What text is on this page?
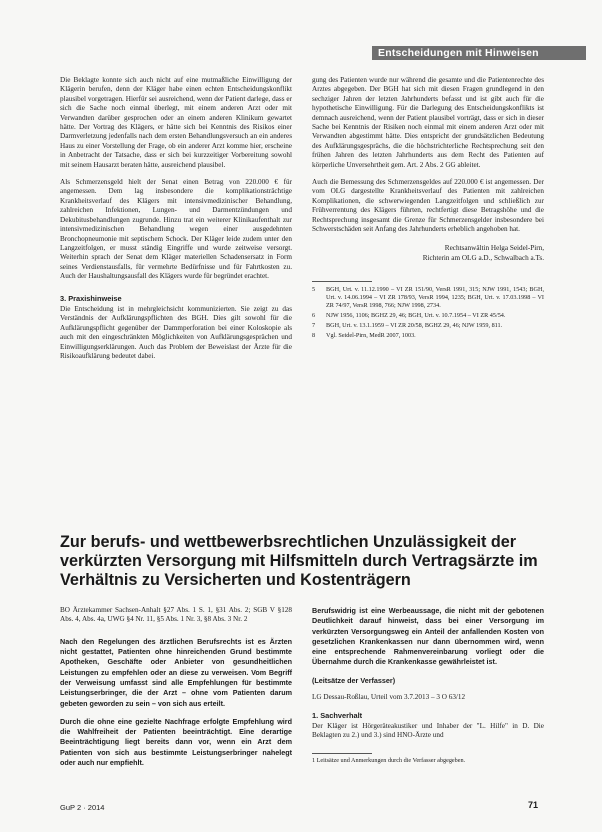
Entscheidungen mit Hinweisen

Die Beklagte konnte sich auch nicht auf eine mutmaßliche Einwilligung der Klägerin berufen, denn der Kläger habe einen echten Entscheidungskonflikt plausibel vorgetragen. Hierfür sei ausreichend, wenn der Patient darlege, dass er sich die Sache noch einmal überlegt, mit einem anderen Arzt oder mit Verwandten darüber gesprochen oder an einem anderen Klinikum gewartet hätte. Der Vortrag des Klägers, er hätte sich bei Kenntnis des Risikos einer Darmverletzung jedenfalls nach dem ersten Behandlungsversuch an ein anderes Haus zu einer Vorstellung der Frage, ob ein anderer Arzt komme hier, erscheine in Anbetracht der Tatsache, dass er sich bei kurzzeitiger Vorbereitung sowohl mit seinem Hausarzt beraten hätte, ausreichend plausibel.

Als Schmerzensgeld hielt der Senat einen Betrag von 220.000 € für angemessen. Dem lag insbesondere die komplikationsträchtige Krankheitsverlauf des Klägers mit intensivmedizinischer Behandlung, zahlreichen Infektionen, Lungen- und Darmentzündungen und Dekubitusbehandlungen zugrunde. Hinzu trat ein weiterer Klinikaufenthalt zur intensivmedizinischen Behandlung wegen einer ausgedehnten Bronchopneumonie mit septischem Schock. Der Kläger leide zudem unter den Langzeitfolgen, er musst ständig Eingriffe und wurde zeitweise versorgt. Weiterhin sprach der Senat dem Kläger materiellen Schadensersatz in Form seines Verdienstausfalls, für vermehrte Bedürfnisse und für Fahrtkosten zu. Auch der Haushaltungsausfall des Klägers wurde für begründet erachtet.

3. Praxishinweise

Die Entscheidung ist in mehrgleichsicht kommunizierten. Sie zeigt zu das Verständnis der Aufklärungspflichten des BGH. Dies gilt sowohl für die Aufklärungspflicht gegenüber der Dammperforation bei einer Koloskopie als auch mit den eingeschränkten Möglichkeiten von Aufklärungsgesprächen und Einwilligungserklärungen. Auch das Problem der Beweislast der Ärzte für die Risikoaufklärung bedeutet dabei.

gung des Patienten wurde nur während die gesamte und die Patientenrechte des Arztes abgegeben. Der BGH hat sich mit diesen Fragen grundlegend in den sechziger Jahren der letzten Jahrhunderts befasst und ist gibt auch für die hypothetische Einwilligung. Für die Darlegung des Entscheidungskonflikts ist demnach ausreichend, wenn der Patient plausibel vorträgt, dass er sich in dieser Sache bei Kenntnis der Risiken noch einmal mit einem anderen Arzt oder mit Verwandten abgestimmt hätte. Dies entspricht der grundsätzlichen Bedeutung des Aufklärungsgesprächs, die die höchstrichterliche Rechtsprechung seit den frühen Jahren des letzten Jahrhunderts aus dem Recht des Patienten auf körperliche Unversehrtheit gem. Art. 2 Abs. 2 GG ableitet.

Auch die Bemessung des Schmerzensgeldes auf 220.000 € ist angemessen. Der vom OLG dargestellte Krankheitsverlauf des Patienten mit zahlreichen Komplikationen, die schwerwiegenden Langzeitfolgen und schließlich zur Frühverrentung des Klägers führten, rechtfertigt diese Betragshöhe und die Rechtsprechung insgesamt die Grenze für Schmerzensgelder insbesondere bei Schwerstschäden seit Anfang des Jahrhunderts erheblich angehoben hat.

Rechtsanwältin Helga Seidel-Pirn,
Richterin am OLG a.D., Schwalbach a.Ts.
5	BGH, Urt. v. 11.12.1990 – VI ZR 151/90, VersR 1991, 315; NJW 1991, 1543; BGH, Urt. v. 14.06.1994 – VI ZR 178/93, VersR 1994, 1235; BGH, Urt. v. 17.03.1998 – VI ZR 74/97, VersR 1998, 766; NJW 1998, 2734.
6	NJW 1956, 1106; BGHZ 29, 46; BGH, Urt. v. 10.7.1954 – VI ZR 45/54.
7	BGH, Urt. v. 13.1.1959 – VI ZR 20/58, BGHZ 29, 46; NJW 1959, 811.
8	Vgl. Seidel-Pirn, MedR 2007, 1003.
Zur berufs- und wettbewerbsrechtlichen Unzulässigkeit der verkürzten Versorgung mit Hilfsmitteln durch Vertragsärzte im Verhältnis zu Versicherten und Kostenträgern

BO Ärztekammer Sachsen-Anhalt §27 Abs. 1 S. 1, §31 Abs. 2; SGB V §128 Abs. 4, Abs. 4a, UWG §4 Nr. 11, §5 Abs. 1 Nr. 3, §8 Abs. 3 Nr. 2

Nach den Regelungen des ärztlichen Berufsrechts ist es Ärzten nicht gestattet, Patienten ohne hinreichenden Grund bestimmte Apotheken, Geschäfte oder Anbieter von gesundheitlichen Leistungen zu empfehlen oder an diese zu verweisen. Vom Begriff der Verweisung umfasst sind alle Empfehlungen für bestimmte Leistungserbringer, die der Arzt – ohne vom Patienten darum gebeten geworden zu sein – von sich aus erteilt.

Durch die ohne eine gezielte Nachfrage erfolgte Empfehlung wird die Wahlfreiheit der Patienten beeinträchtigt. Eine derartige Beeinträchtigung liegt bereits dann vor, wenn ein Arzt dem Patienten von sich aus bestimmte Leistungserbringer nahelegt oder auch nur empfiehlt.

Berufswidrig ist eine Werbeaussage, die nicht mit der gebotenen Deutlichkeit darauf hinweist, dass bei einer Versorgung im verkürzten Versorgungsweg ein Anteil der anfallenden Kosten von gesetzlichen Krankenkassen nur dann übernommen wird, wenn eine entsprechende Rahmenvereinbarung vorliegt oder die Übernahme durch die Krankenkasse gewährleistet ist.

(Leitsätze der Verfasser)

LG Dessau-Roßlau, Urteil vom 3.7.2013 – 3 O 63/12

1. Sachverhalt

Der Kläger ist Hörgeräteakustiker und Inhaber der "L. Hilfe" in D. Die Beklagten zu 2.) und 3.) sind HNO-Ärzte und

1 Leitsätze und Anmerkungen durch die Verfasser abgegeben.
GuP 2 · 2014	71
